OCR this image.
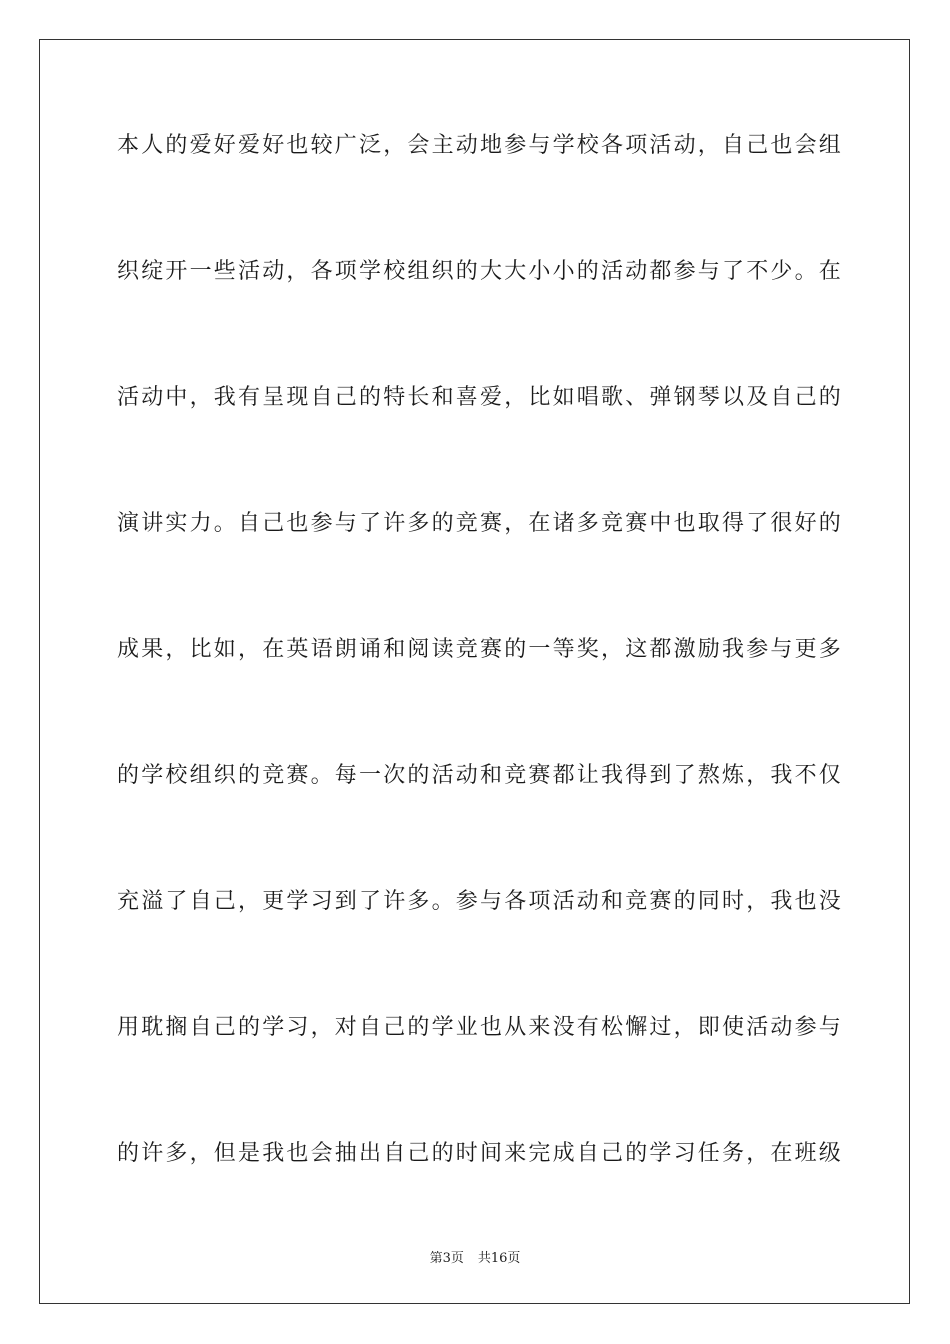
本人的爱好爱好也较广泛，会主动地参与学校各项活动，自己也会组
织绽开一些活动，各项学校组织的大大小小的活动都参与了不少。在
活动中，我有呈现自己的特长和喜爱，比如唱歌、弹钢琴以及自己的
演讲实力。自己也参与了许多的竞赛，在诸多竞赛中也取得了很好的
成果，比如，在英语朗诵和阅读竞赛的一等奖，这都激励我参与更多
的学校组织的竞赛。每一次的活动和竞赛都让我得到了熬炼，我不仅
充溢了自己，更学习到了许多。参与各项活动和竞赛的同时，我也没
用耽搁自己的学习，对自己的学业也从来没有松懈过，即使活动参与
的许多，但是我也会抽出自己的时间来完成自己的学习任务，在班级
第3页 共16页
